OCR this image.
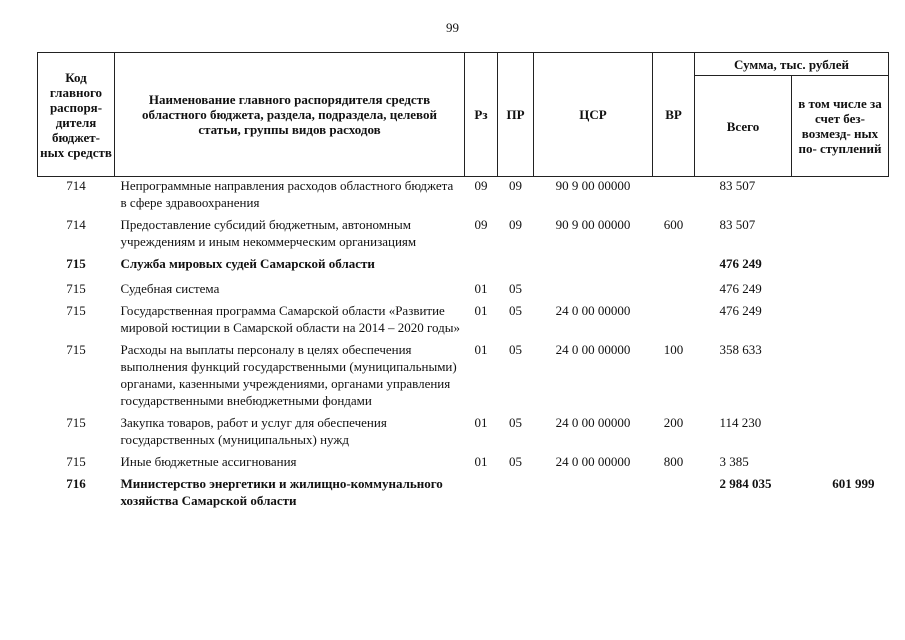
99
Код главного распоря- дителя бюджет- ных средств	Наименование главного распорядителя средств областного бюджета, раздела, подраздела, целевой статьи, группы видов расходов	Рз	ПР	ЦСР	ВР	Сумма, тыс. рублей	
						Всего	в том числе за счет без- возмезд- ных по- ступлений
714	Непрограммные направления расходов областного бюджета в сфере здравоохранения	09	09	90 9 00 00000		83 507	
714	Предоставление субсидий бюджетным, автономным учреждениям и иным некоммерческим организациям	09	09	90 9 00 00000	600	83 507	
715	Служба мировых судей Самарской области					476 249	
715	Судебная система	01	05			476 249	
715	Государственная программа Самарской области «Развитие мировой юстиции в Самарской области на 2014 – 2020 годы»	01	05	24 0 00 00000		476 249	
715	Расходы на выплаты персоналу в целях обеспечения выполнения функций государственными (муниципальными) органами, казенными учреждениями, органами управления государственными внебюджетными фондами	01	05	24 0 00 00000	100	358 633	
715	Закупка товаров, работ и услуг для обеспечения государственных (муниципальных) нужд	01	05	24 0 00 00000	200	114 230	
715	Иные бюджетные ассигнования	01	05	24 0 00 00000	800	3 385	
716	Министерство энергетики и жилищно-коммунального хозяйства Самарской области					2 984 035	601 999
